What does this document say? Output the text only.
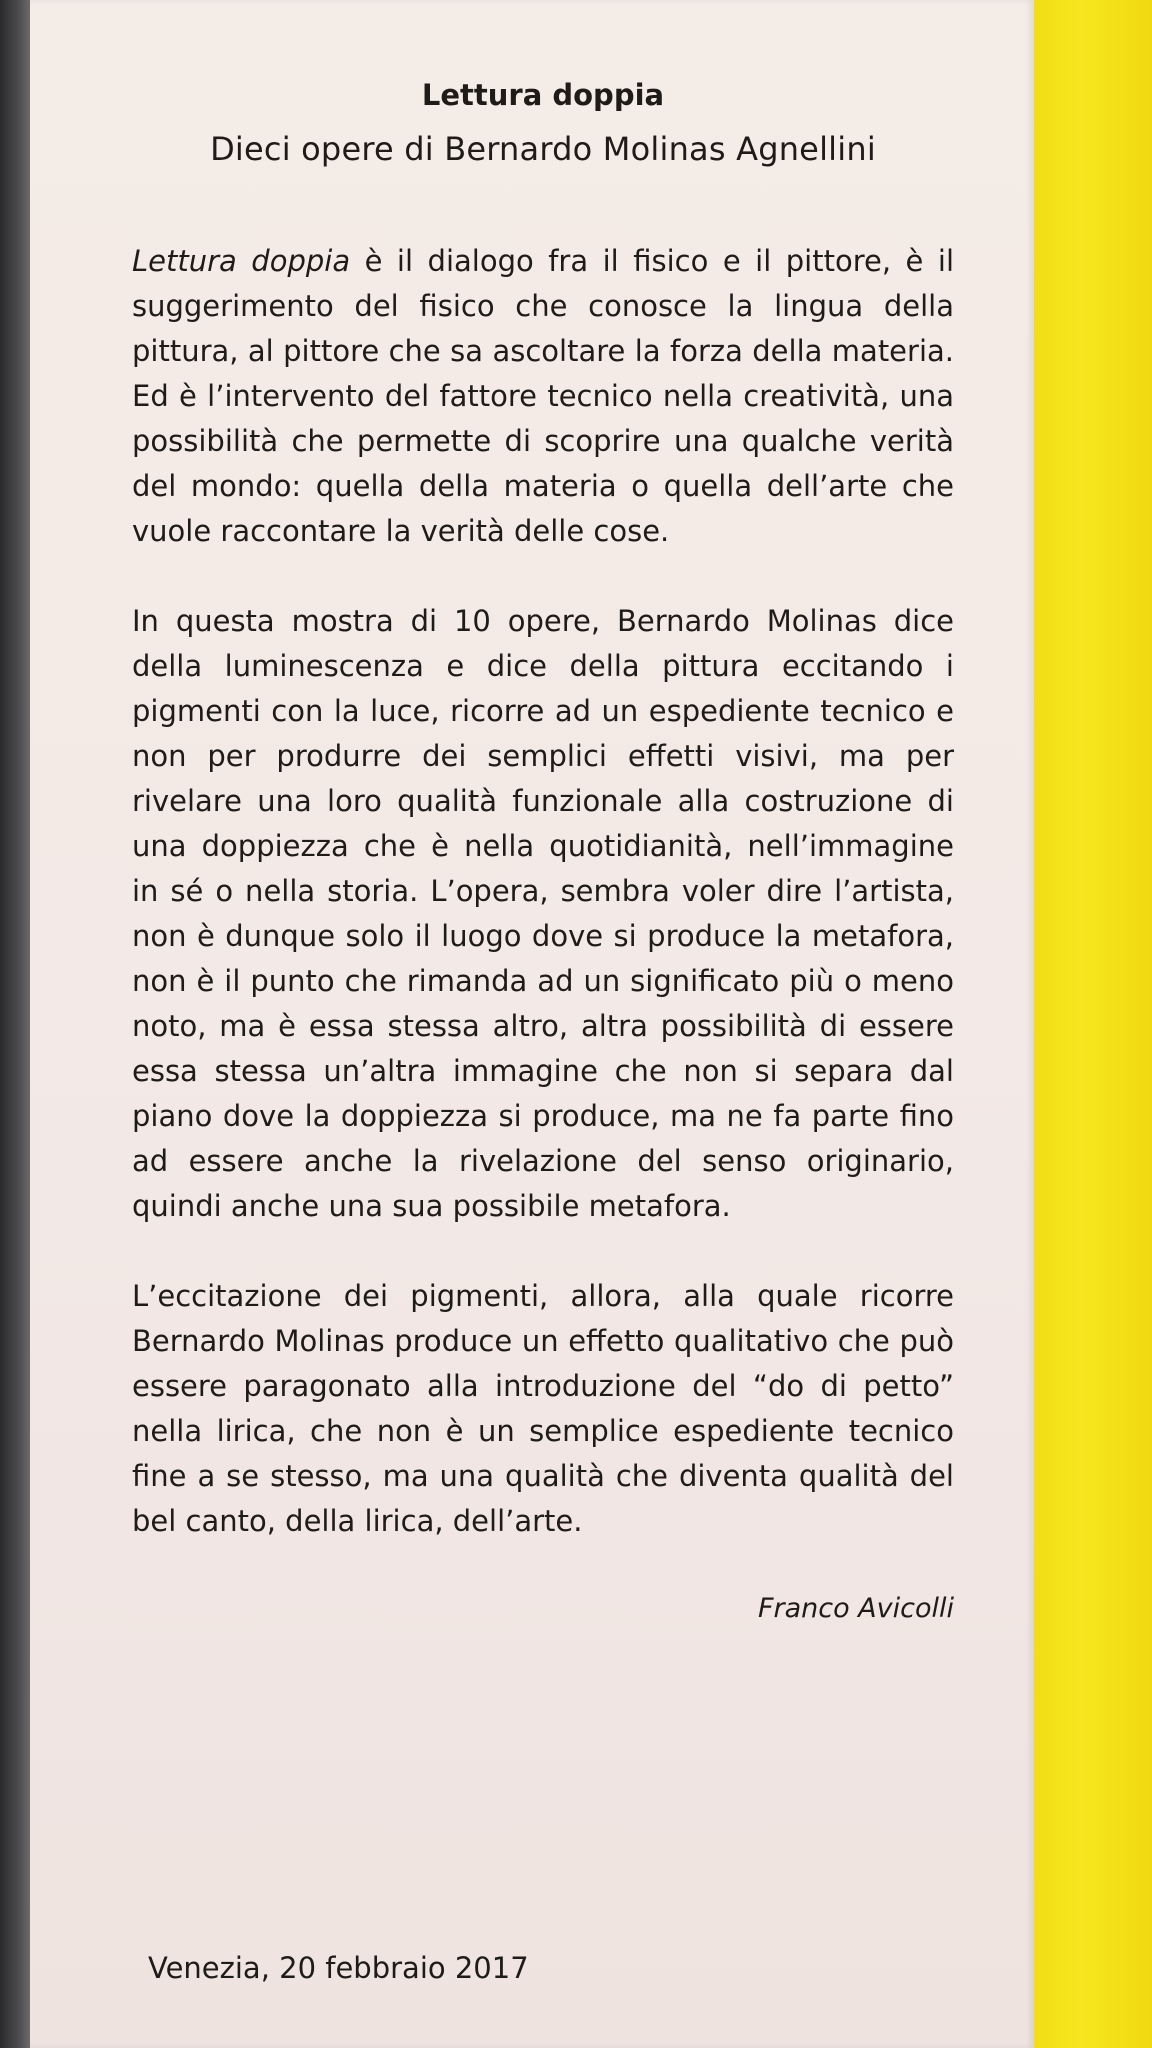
Lettura doppia
Dieci opere di Bernardo Molinas Agnellini

Lettura doppia è il dialogo fra il fisico e il pittore, è il suggerimento del fisico che conosce la lingua della pittura, al pittore che sa ascoltare la forza della materia. Ed è l’intervento del fattore tecnico nella creatività, una possibilità che permette di scoprire una qualche verità del mondo: quella della materia o quella dell’arte che vuole raccontare la verità delle cose.

In questa mostra di 10 opere, Bernardo Molinas dice della luminescenza e dice della pittura eccitando i pigmenti con la luce, ricorre ad un espediente tecnico e non per produrre dei semplici effetti visivi, ma per rivelare una loro qualità funzionale alla costruzione di una doppiezza che è nella quotidianità, nell’immagine in sé o nella storia. L’opera, sembra voler dire l’artista, non è dunque solo il luogo dove si produce la metafora, non è il punto che rimanda ad un significato più o meno noto, ma è essa stessa altro, altra possibilità di essere essa stessa un’altra immagine che non si separa dal piano dove la doppiezza si produce, ma ne fa parte fino ad essere anche la rivelazione del senso originario, quindi anche una sua possibile metafora.

L’eccitazione dei pigmenti, allora, alla quale ricorre Bernardo Molinas produce un effetto qualitativo che può essere paragonato alla introduzione del “do di petto” nella lirica, che non è un semplice espediente tecnico fine a se stesso, ma una qualità che diventa qualità del bel canto, della lirica, dell’arte.

Franco Avicolli
Venezia, 20 febbraio 2017
